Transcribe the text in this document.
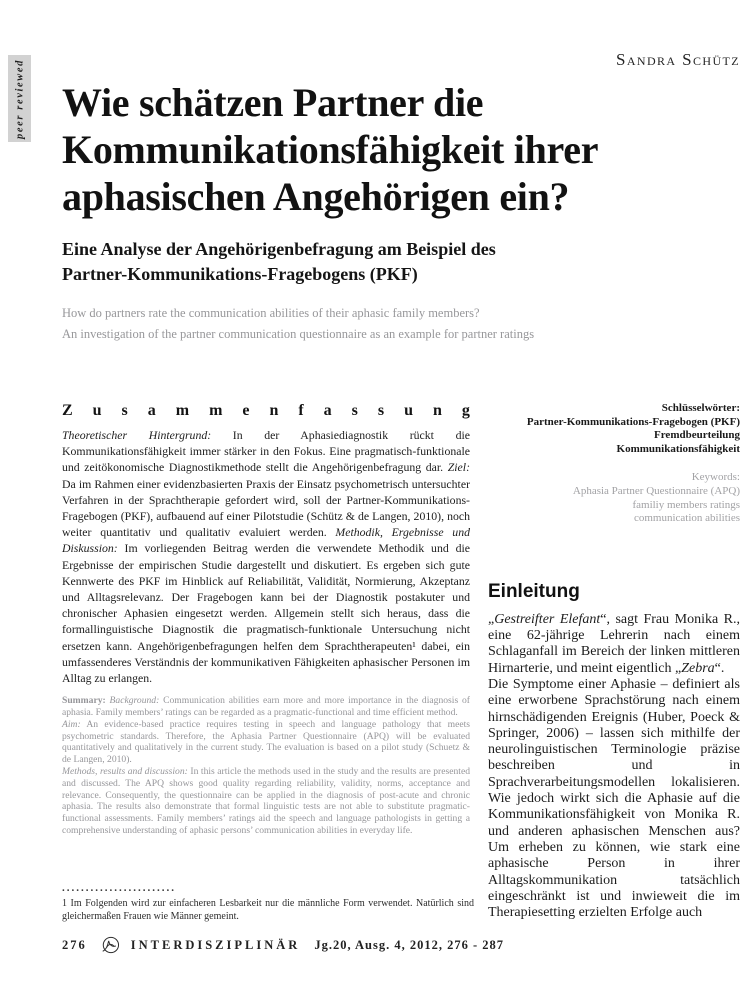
peer reviewed	Sandra Schütz
Wie schätzen Partner die
Kommunikationsfähigkeit ihrer
aphasischen Angehörigen ein?
Eine Analyse der Angehörigenbefragung am Beispiel des
Partner-Kommunikations-Fragebogens (PKF)
How do partners rate the communication abilities of their aphasic family members?
An investigation of the partner communication questionnaire as an example for partner ratings
Z u s a m m e n f a s s u n g

Theoretischer Hintergrund: In der Aphasiediagnostik rückt die Kommunikationsfähigkeit immer stärker in den Fokus. Eine pragmatisch-funktionale und zeitökonomische Diagnostikmethode stellt die Angehörigenbefragung dar. Ziel: Da im Rahmen einer evidenzbasierten Praxis der Einsatz psychometrisch untersuchter Verfahren in der Sprachtherapie gefordert wird, soll der Partner-Kommunikations-Fragebogen (PKF), aufbauend auf einer Pilotstudie (Schütz & de Langen, 2010), noch weiter quantitativ und qualitativ evaluiert werden. Methodik, Ergebnisse und Diskussion: Im vorliegenden Beitrag werden die verwendete Methodik und die Ergebnisse der empirischen Studie dargestellt und diskutiert. Es ergeben sich gute Kennwerte des PKF im Hinblick auf Reliabilität, Validität, Normierung, Akzeptanz und Alltagsrelevanz. Der Fragebogen kann bei der Diagnostik postakuter und chronischer Aphasien eingesetzt werden. Allgemein stellt sich heraus, dass die formallinguistische Diagnostik die pragmatisch-funktionale Untersuchung nicht ersetzen kann. Angehörigenbefragungen helfen dem Sprachtherapeuten¹ dabei, ein umfassenderes Verständnis der kommunikativen Fähigkeiten aphasischer Personen im Alltag zu erlangen.

Summary: Background: Communication abilities earn more and more importance in the diagnosis of aphasia. Family members’ ratings can be regarded as a pragmatic-functional and time efficient method.

Aim: An evidence-based practice requires testing in speech and language pathology that meets psychometric standards. Therefore, the Aphasia Partner Questionnaire (APQ) will be evaluated quantitatively and qualitatively in the current study. The evaluation is based on a pilot study (Schuetz & de Langen, 2010).

Methods, results and discussion: In this article the methods used in the study and the results are presented and discussed. The APQ shows good quality regarding reliability, validity, norms, acceptance and relevance. Consequently, the questionnaire can be applied in the diagnosis of post-acute and chronic aphasia. The results also demonstrate that formal linguistic tests are not able to substitute pragmatic-functional assessments. Family members’ ratings aid the speech and language pathologists in getting a comprehensive understanding of aphasic persons’ communication abilities in everyday life.

Schlüsselwörter:
Partner-Kommunikations-Fragebogen (PKF)
Fremdbeurteilung
Kommunikationsfähigkeit
Keywords:
Aphasia Partner Questionnaire (APQ)
familiy members ratings
communication abilities
Einleitung

„Gestreifter Elefant“, sagt Frau Monika R., eine 62-jährige Lehrerin nach einem Schlaganfall im Bereich der linken mittleren Hirnarterie, und meint eigentlich „Zebra“.

Die Symptome einer Aphasie – definiert als eine erworbene Sprachstörung nach einem hirnschädigenden Ereignis (Huber, Poeck & Springer, 2006) – lassen sich mithilfe der neurolinguistischen Terminologie präzise beschreiben und in Sprachverarbeitungsmodellen lokalisieren. Wie jedoch wirkt sich die Aphasie auf die Kommunikationsfähigkeit von Monika R. und anderen aphasischen Menschen aus? Um erheben zu können, wie stark eine aphasische Person in ihrer Alltagskommunikation tatsächlich eingeschränkt ist und inwieweit die im Therapiesetting erzielten Erfolge auch

........................
1 Im Folgenden wird zur einfacheren Lesbarkeit nur die männliche Form verwendet. Natürlich sind gleichermaßen Frauen wie Männer gemeint.
276	INTERDISZIPLINÄR Jg.20, Ausg. 4, 2012, 276 - 287
